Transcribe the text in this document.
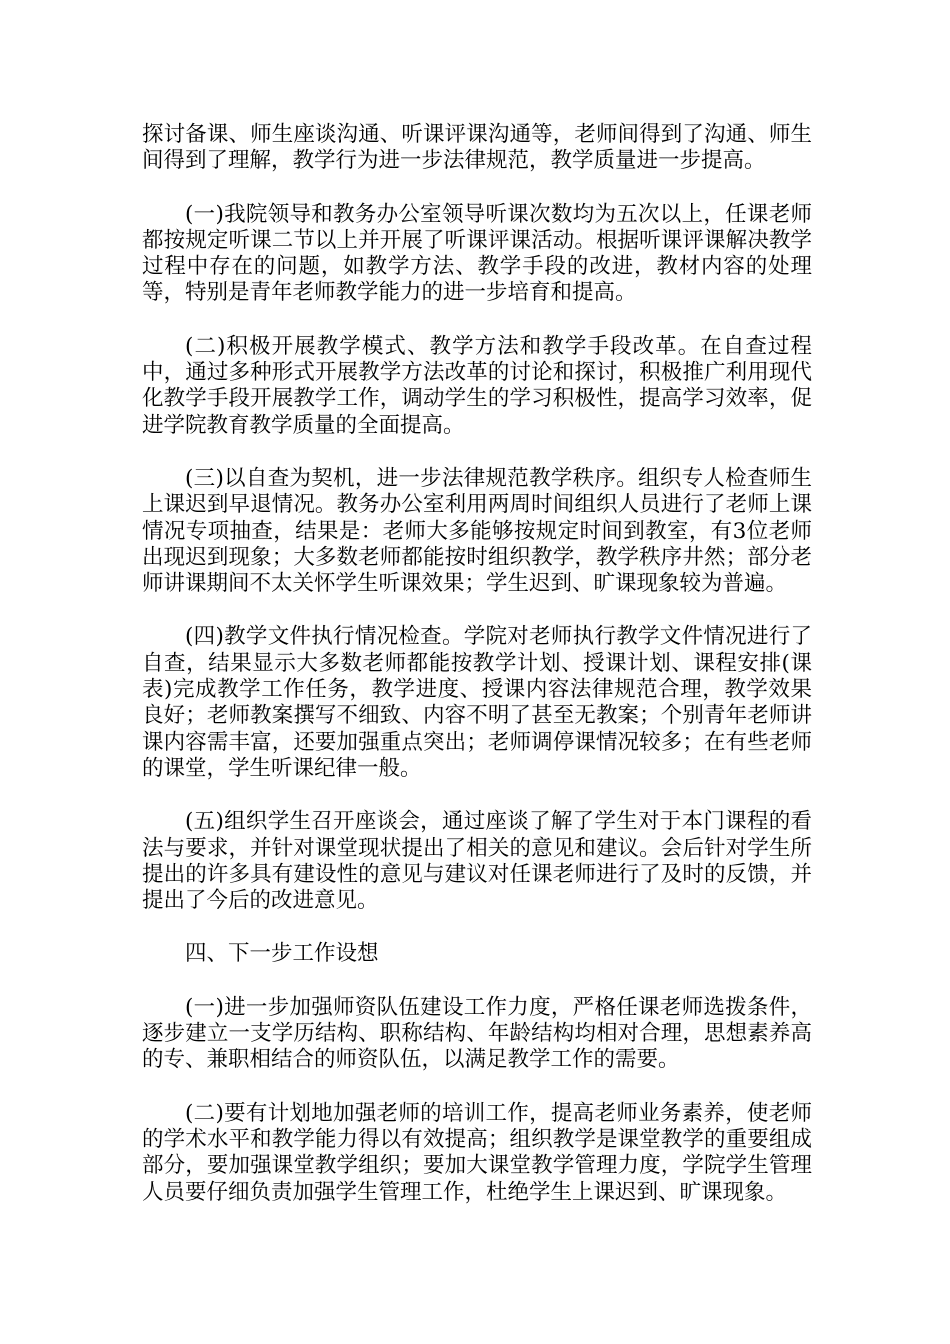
探讨备课、师生座谈沟通、听课评课沟通等，老师间得到了沟通、师生间得到了理解，教学行为进一步法律规范，教学质量进一步提高。

(一)我院领导和教务办公室领导听课次数均为五次以上，任课老师都按规定听课二节以上并开展了听课评课活动。根据听课评课解决教学过程中存在的问题，如教学方法、教学手段的改进，教材内容的处理等，特别是青年老师教学能力的进一步培育和提高。

(二)积极开展教学模式、教学方法和教学手段改革。在自查过程中，通过多种形式开展教学方法改革的讨论和探讨，积极推广利用现代化教学手段开展教学工作，调动学生的学习积极性，提高学习效率，促进学院教育教学质量的全面提高。

(三)以自查为契机，进一步法律规范教学秩序。组织专人检查师生上课迟到早退情况。教务办公室利用两周时间组织人员进行了老师上课情况专项抽查，结果是：老师大多能够按规定时间到教室，有3位老师出现迟到现象；大多数老师都能按时组织教学，教学秩序井然；部分老师讲课期间不太关怀学生听课效果；学生迟到、旷课现象较为普遍。

(四)教学文件执行情况检查。学院对老师执行教学文件情况进行了自查，结果显示大多数老师都能按教学计划、授课计划、课程安排(课表)完成教学工作任务，教学进度、授课内容法律规范合理，教学效果良好；老师教案撰写不细致、内容不明了甚至无教案；个别青年老师讲课内容需丰富，还要加强重点突出；老师调停课情况较多；在有些老师的课堂，学生听课纪律一般。

(五)组织学生召开座谈会，通过座谈了解了学生对于本门课程的看法与要求，并针对课堂现状提出了相关的意见和建议。会后针对学生所提出的许多具有建设性的意见与建议对任课老师进行了及时的反馈，并提出了今后的改进意见。

四、下一步工作设想

(一)进一步加强师资队伍建设工作力度，严格任课老师选拨条件，逐步建立一支学历结构、职称结构、年龄结构均相对合理，思想素养高的专、兼职相结合的师资队伍，以满足教学工作的需要。

(二)要有计划地加强老师的培训工作，提高老师业务素养，使老师的学术水平和教学能力得以有效提高；组织教学是课堂教学的重要组成部分，要加强课堂教学组织；要加大课堂教学管理力度，学院学生管理人员要仔细负责加强学生管理工作，杜绝学生上课迟到、旷课现象。
